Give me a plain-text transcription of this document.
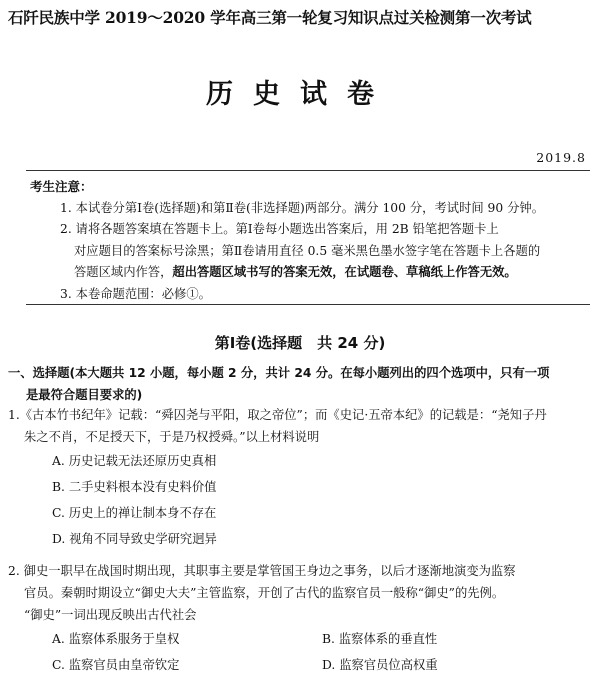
石阡民族中学 2019～2020 学年高三第一轮复习知识点过关检测第一次考试
历史试卷
2019.8
考生注意：
1. 本试卷分第Ⅰ卷(选择题)和第Ⅱ卷(非选择题)两部分。满分 100 分，考试时间 90 分钟。
2. 请将各题答案填在答题卡上。第Ⅰ卷每小题选出答案后，用 2B 铅笔把答题卡上
对应题目的答案标号涂黑；第Ⅱ卷请用直径 0.5 毫米黑色墨水签字笔在答题卡上各题的
答题区域内作答，超出答题区域书写的答案无效，在试题卷、草稿纸上作答无效。
3. 本卷命题范围：必修①。
第Ⅰ卷(选择题　共 24 分)
一、选择题(本大题共 12 小题，每小题 2 分，共计 24 分。在每小题列出的四个选项中，只有一项
是最符合题目要求的)
1.《古本竹书纪年》记载：“舜囚尧与平阳，取之帝位”；而《史记·五帝本纪》的记载是：“尧知子丹
朱之不肖，不足授天下，于是乃权授舜。”以上材料说明
A. 历史记载无法还原历史真相
B. 二手史料根本没有史料价值
C. 历史上的禅让制本身不存在
D. 视角不同导致史学研究迥异
2. 御史一职早在战国时期出现，其职事主要是掌管国王身边之事务，以后才逐渐地演变为监察
官员。秦朝时期设立“御史大夫”主管监察，开创了古代的监察官员一般称“御史”的先例。
“御史”一词出现反映出古代社会
A. 监察体系服务于皇权	B. 监察体系的垂直性
C. 监察官员由皇帝钦定	D. 监察官员位高权重
